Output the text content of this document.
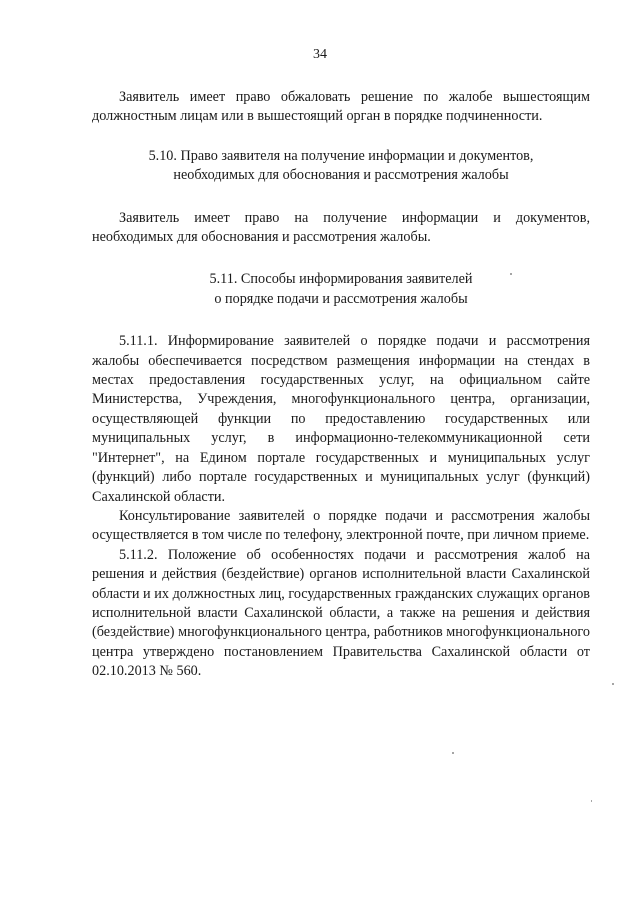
34

Заявитель имеет право обжаловать решение по жалобе вышестоящим должностным лицам или в вышестоящий орган в порядке подчиненности.

5.10. Право заявителя на получение информации и документов,

необходимых для обоснования и рассмотрения жалобы

Заявитель имеет право на получение информации и документов, необходимых для обоснования и рассмотрения жалобы.

5.11. Способы информирования заявителей

о порядке подачи и рассмотрения жалобы

5.11.1. Информирование заявителей о порядке подачи и рассмотрения жалобы обеспечивается посредством размещения информации на стендах в местах предоставления государственных услуг, на официальном сайте Министерства, Учреждения, многофункционального центра, организации, осуществляющей функции по предоставлению государственных или муниципальных услуг, в информационно-телекоммуникационной сети "Интернет", на Едином портале государственных и муниципальных услуг (функций) либо портале государственных и муниципальных услуг (функций) Сахалинской области.

Консультирование заявителей о порядке подачи и рассмотрения жалобы осуществляется в том числе по телефону, электронной почте, при личном приеме.

5.11.2. Положение об особенностях подачи и рассмотрения жалоб на решения и действия (бездействие) органов исполнительной власти Сахалинской области и их должностных лиц, государственных гражданских служащих органов исполнительной власти Сахалинской области, а также на решения и действия (бездействие) многофункционального центра, работников многофункционального центра утверждено постановлением Правительства Сахалинской области от 02.10.2013 № 560.
